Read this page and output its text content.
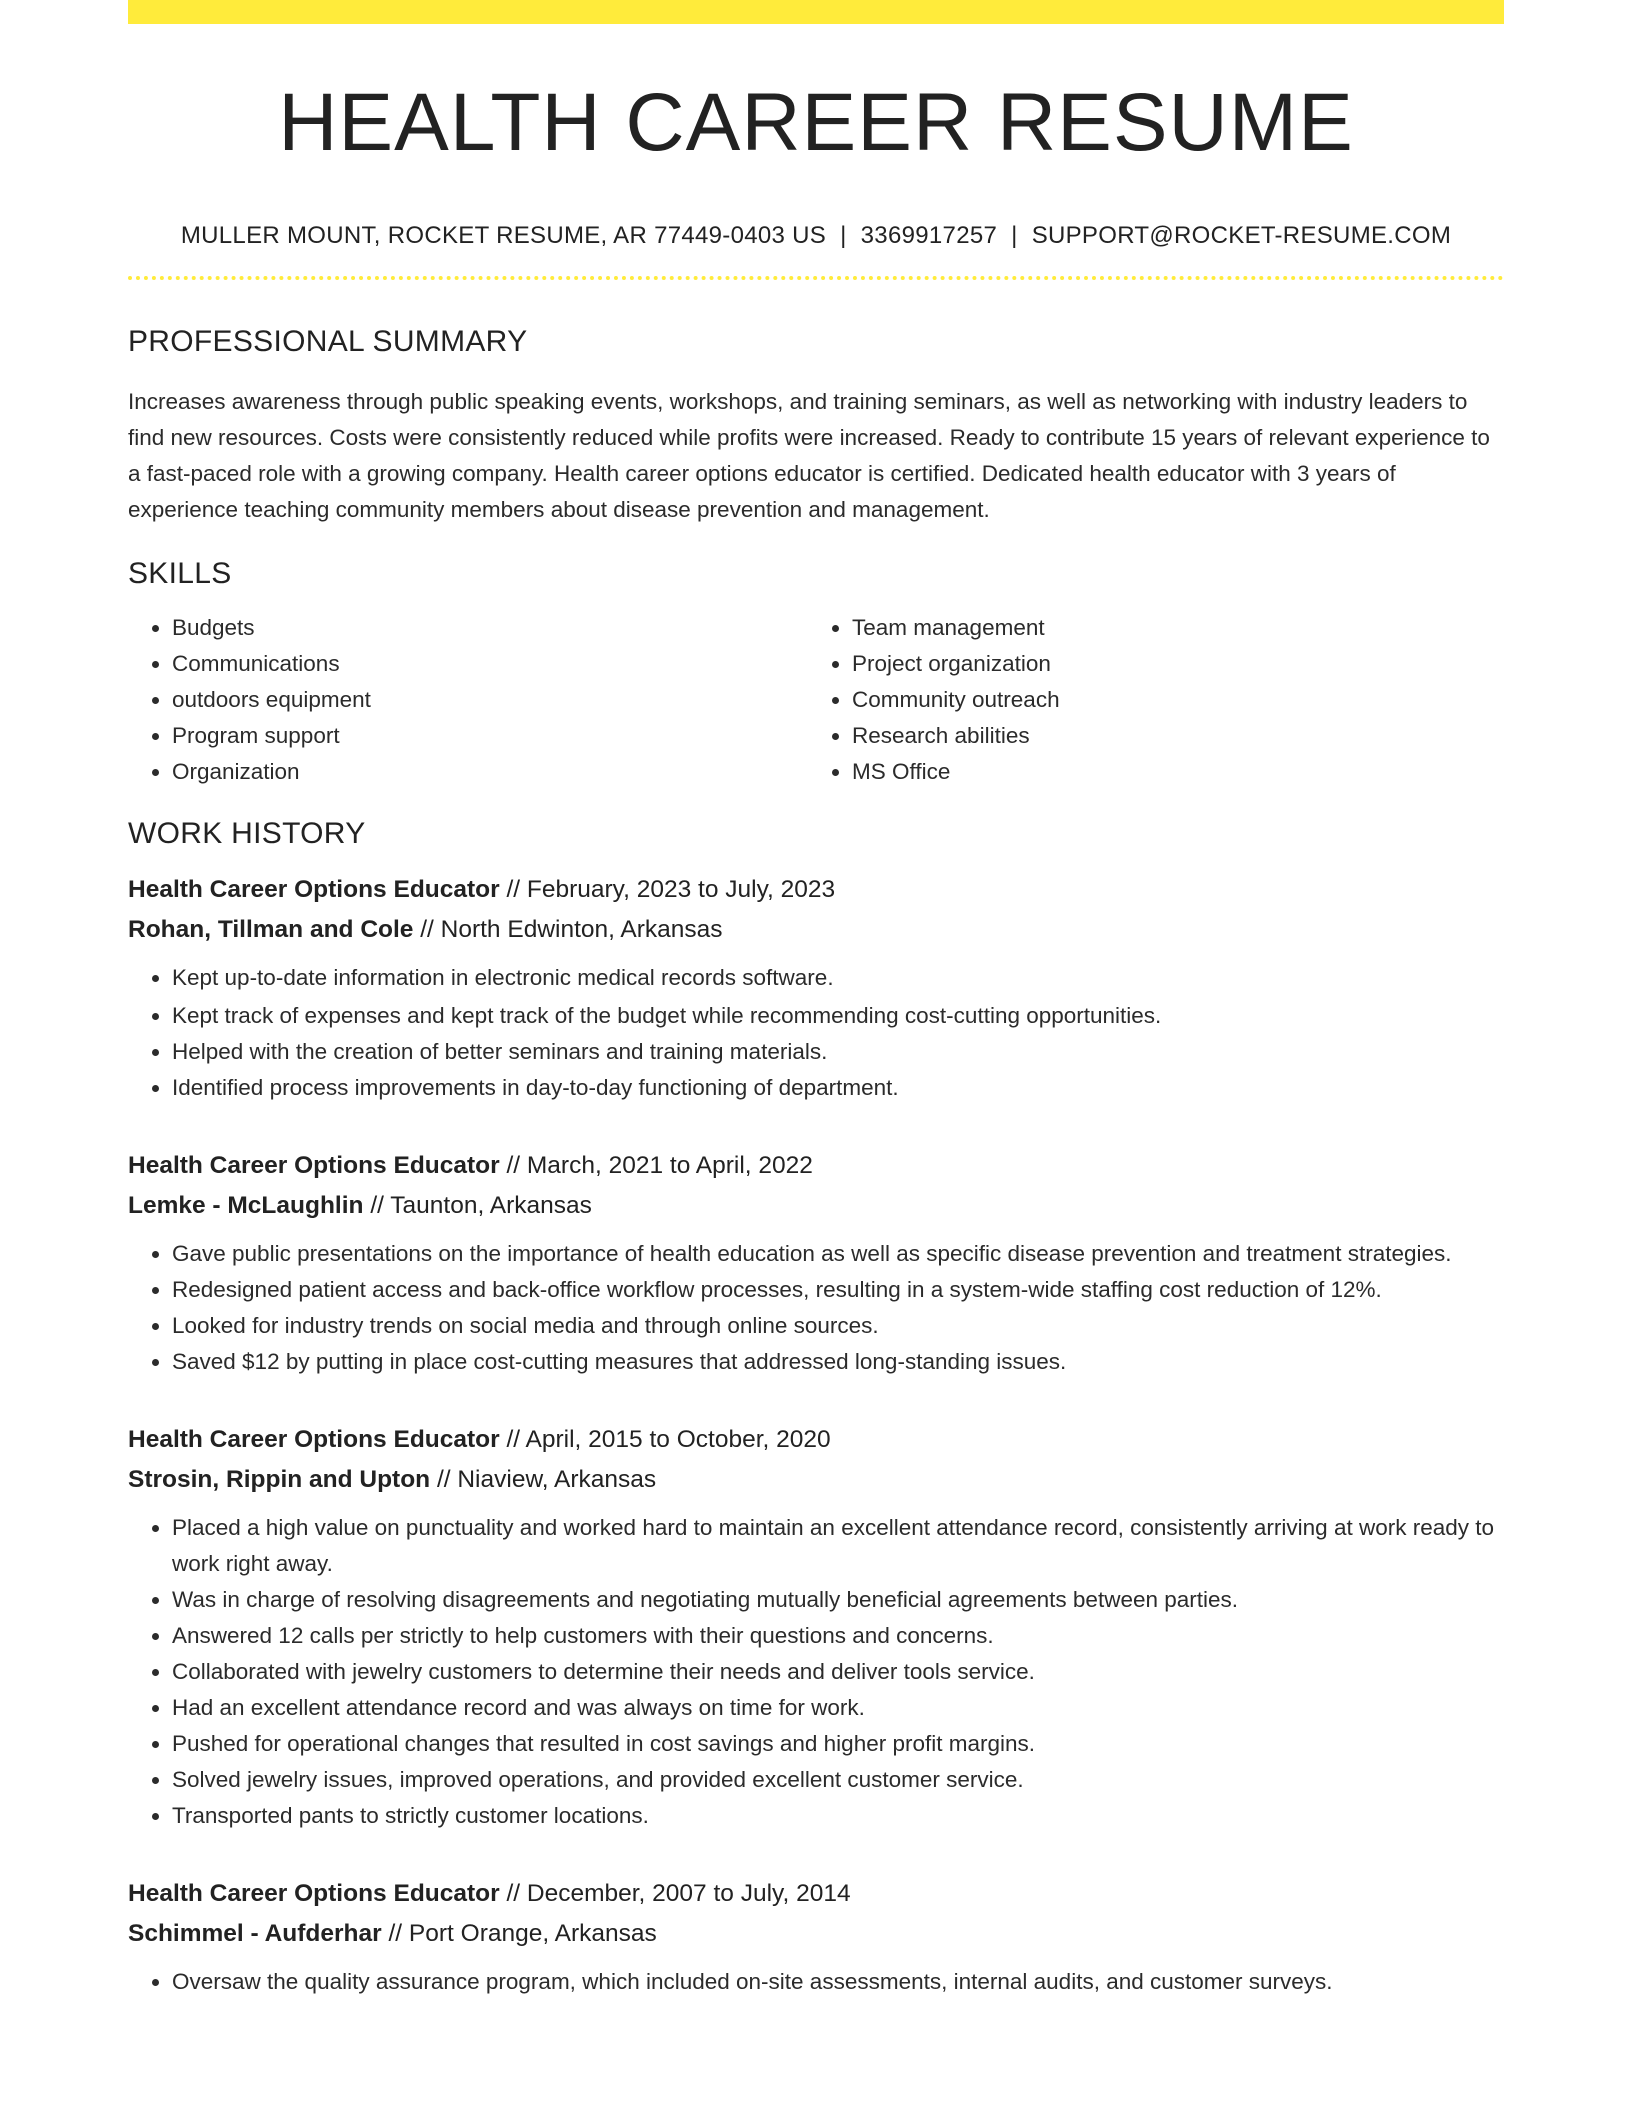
HEALTH CAREER RESUME
MULLER MOUNT, ROCKET RESUME, AR 77449-0403 US | 3369917257 | SUPPORT@ROCKET-RESUME.COM
PROFESSIONAL SUMMARY

Increases awareness through public speaking events, workshops, and training seminars, as well as networking with industry leaders to find new resources. Costs were consistently reduced while profits were increased. Ready to contribute 15 years of relevant experience to a fast-paced role with a growing company. Health career options educator is certified. Dedicated health educator with 3 years of experience teaching community members about disease prevention and management.

SKILLS
• Budgets
• Communications
• outdoors equipment
• Program support
• Organization
• Team management
• Project organization
• Community outreach
• Research abilities
• MS Office
WORK HISTORY
Health Career Options Educator // February, 2023 to July, 2023
Rohan, Tillman and Cole // North Edwinton, Arkansas
• Kept up-to-date information in electronic medical records software.
• Kept track of expenses and kept track of the budget while recommending cost-cutting opportunities.
• Helped with the creation of better seminars and training materials.
• Identified process improvements in day-to-day functioning of department.
Health Career Options Educator // March, 2021 to April, 2022
Lemke - McLaughlin // Taunton, Arkansas
• Gave public presentations on the importance of health education as well as specific disease prevention and treatment strategies.
• Redesigned patient access and back-office workflow processes, resulting in a system-wide staffing cost reduction of 12%.
• Looked for industry trends on social media and through online sources.
• Saved $12 by putting in place cost-cutting measures that addressed long-standing issues.
Health Career Options Educator // April, 2015 to October, 2020
Strosin, Rippin and Upton // Niaview, Arkansas
• Placed a high value on punctuality and worked hard to maintain an excellent attendance record, consistently arriving at work ready to work right away.
• Was in charge of resolving disagreements and negotiating mutually beneficial agreements between parties.
• Answered 12 calls per strictly to help customers with their questions and concerns.
• Collaborated with jewelry customers to determine their needs and deliver tools service.
• Had an excellent attendance record and was always on time for work.
• Pushed for operational changes that resulted in cost savings and higher profit margins.
• Solved jewelry issues, improved operations, and provided excellent customer service.
• Transported pants to strictly customer locations.
Health Career Options Educator // December, 2007 to July, 2014
Schimmel - Aufderhar // Port Orange, Arkansas
• Oversaw the quality assurance program, which included on-site assessments, internal audits, and customer surveys.
